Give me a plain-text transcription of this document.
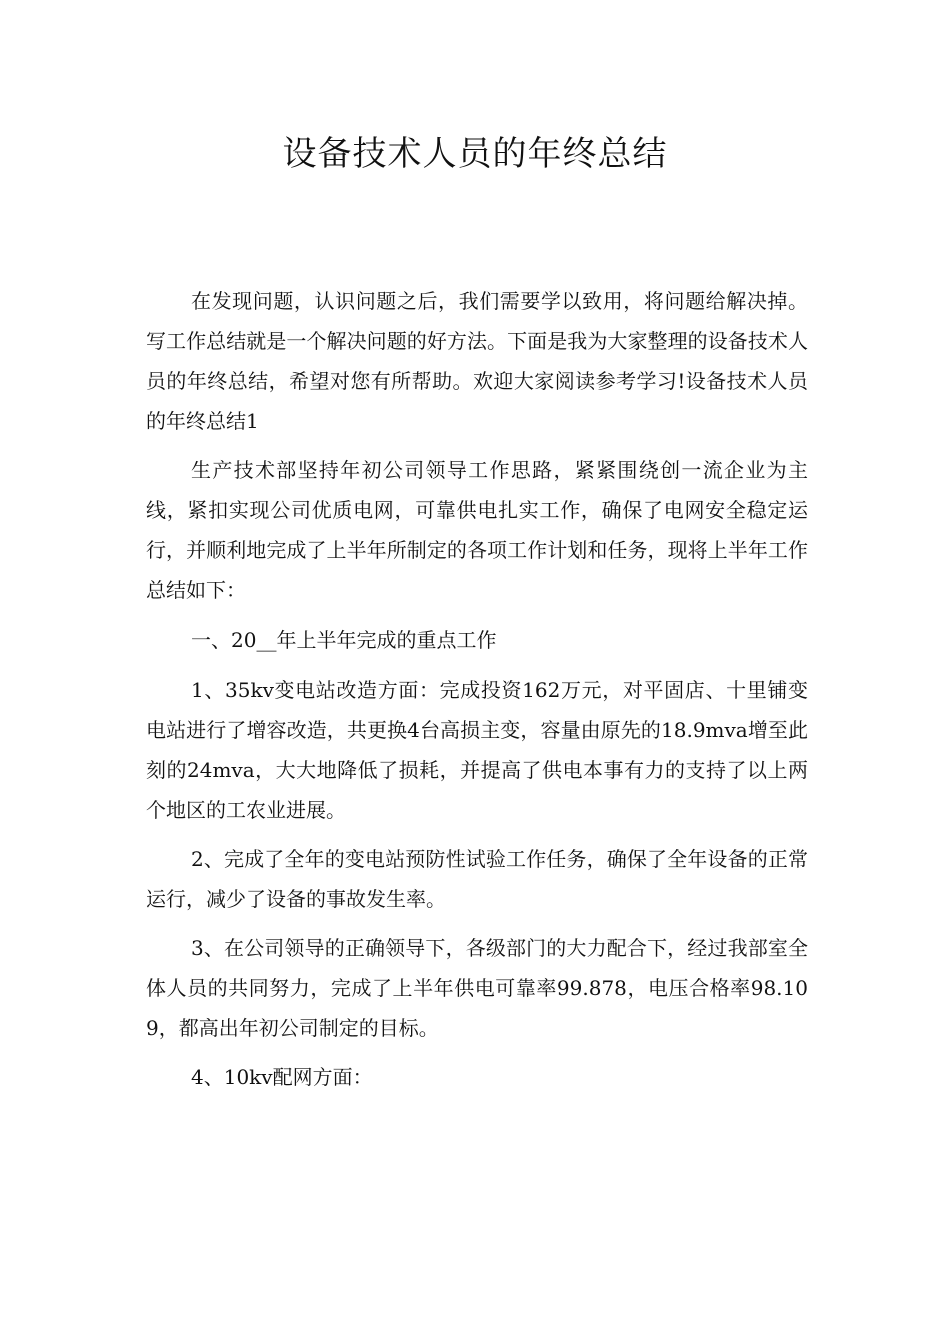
设备技术人员的年终总结

在发现问题，认识问题之后，我们需要学以致用，将问题给解决掉。写工作总结就是一个解决问题的好方法。下面是我为大家整理的设备技术人员的年终总结，希望对您有所帮助。欢迎大家阅读参考学习!设备技术人员的年终总结1

生产技术部坚持年初公司领导工作思路，紧紧围绕创一流企业为主线，紧扣实现公司优质电网，可靠供电扎实工作，确保了电网安全稳定运行，并顺利地完成了上半年所制定的各项工作计划和任务，现将上半年工作总结如下：

一、20__年上半年完成的重点工作

1、35kv变电站改造方面：完成投资162万元，对平固店、十里铺变电站进行了增容改造，共更换4台高损主变，容量由原先的18.9mva增至此刻的24mva，大大地降低了损耗，并提高了供电本事有力的支持了以上两个地区的工农业进展。

2、完成了全年的变电站预防性试验工作任务，确保了全年设备的正常运行，减少了设备的事故发生率。

3、在公司领导的正确领导下，各级部门的大力配合下，经过我部室全体人员的共同努力，完成了上半年供电可靠率99.878，电压合格率98.109，都高出年初公司制定的目标。

4、10kv配网方面：
